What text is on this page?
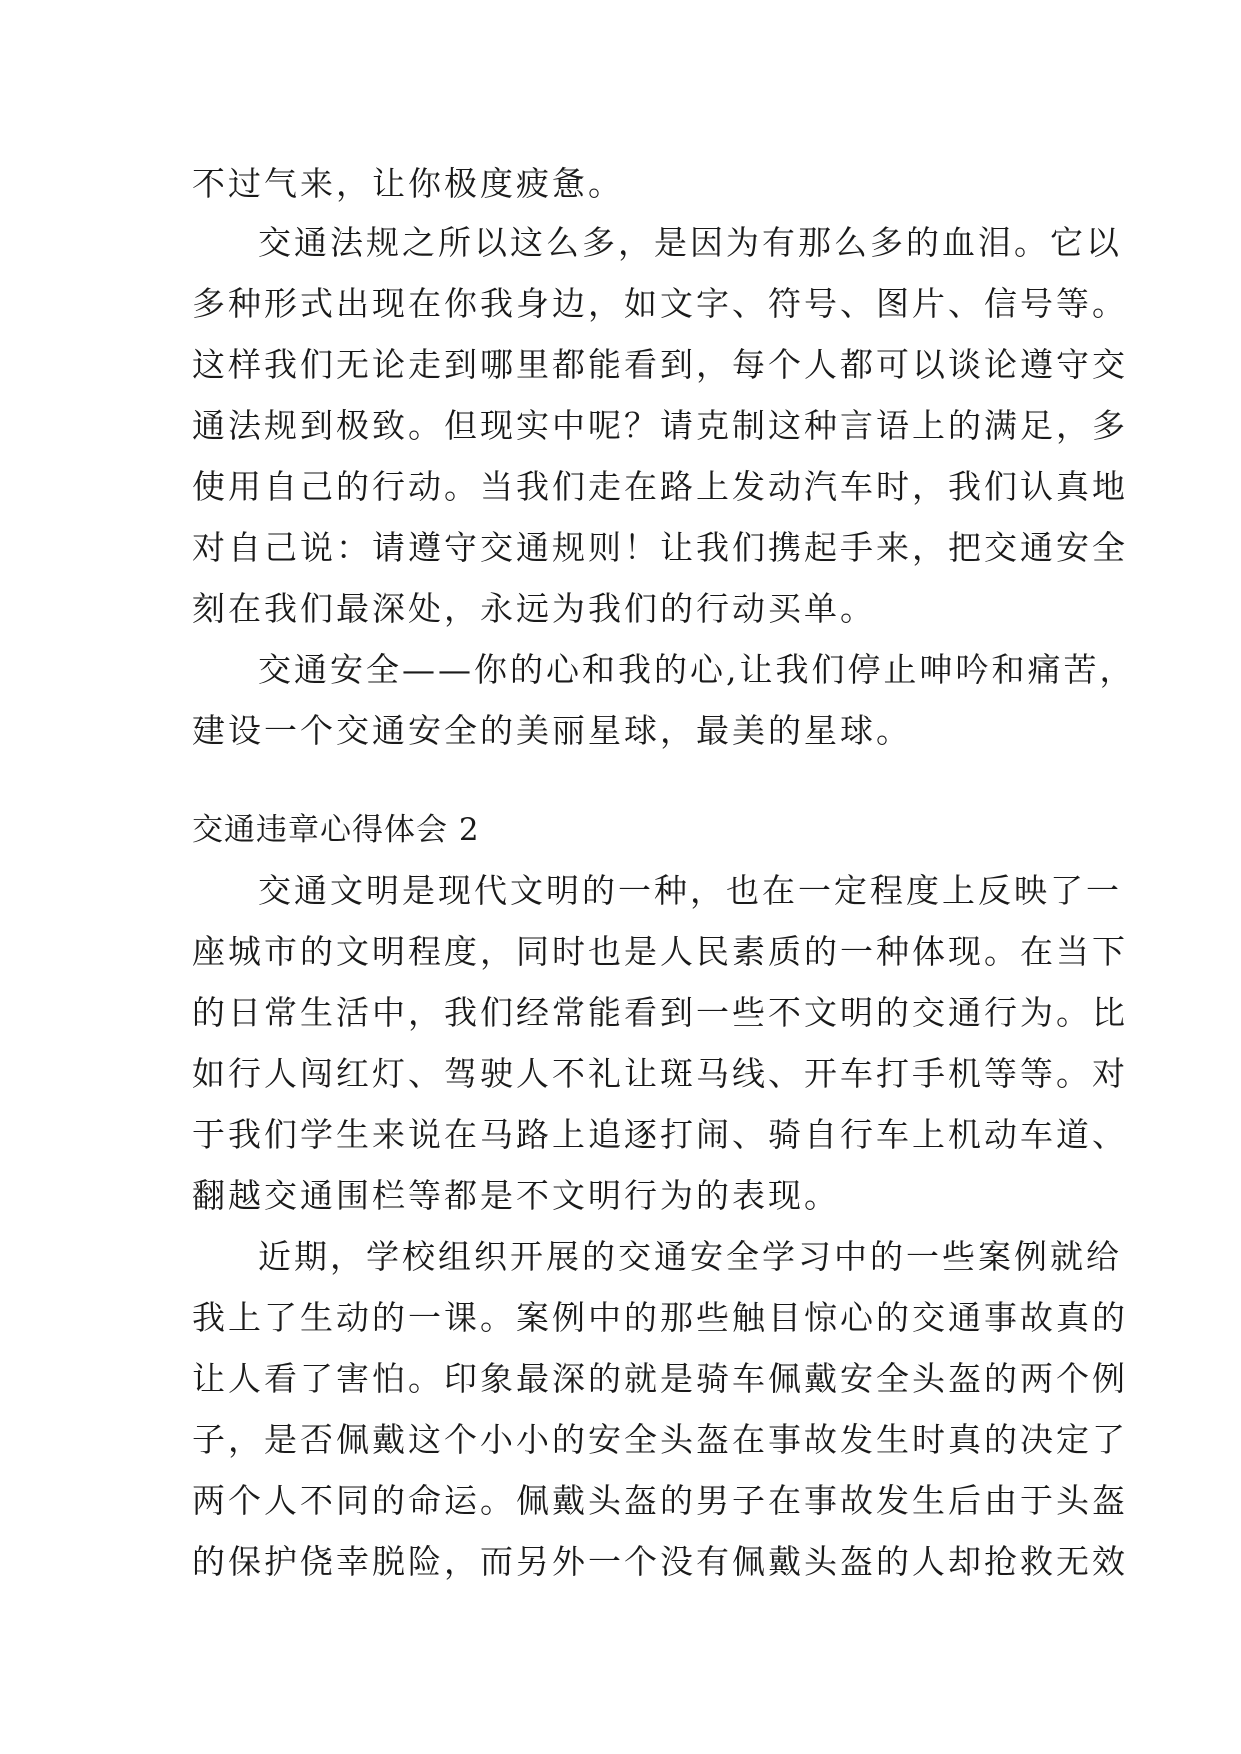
不过气来，让你极度疲惫。
交通法规之所以这么多，是因为有那么多的血泪。它以
多种形式出现在你我身边，如文字、符号、图片、信号等。
这样我们无论走到哪里都能看到，每个人都可以谈论遵守交
通法规到极致。但现实中呢？请克制这种言语上的满足，多
使用自己的行动。当我们走在路上发动汽车时，我们认真地
对自己说：请遵守交通规则！让我们携起手来，把交通安全
刻在我们最深处，永远为我们的行动买单。
交通安全——你的心和我的心,让我们停止呻吟和痛苦，
建设一个交通安全的美丽星球，最美的星球。
交通违章心得体会 2
交通文明是现代文明的一种，也在一定程度上反映了一
座城市的文明程度，同时也是人民素质的一种体现。在当下
的日常生活中，我们经常能看到一些不文明的交通行为。比
如行人闯红灯、驾驶人不礼让斑马线、开车打手机等等。对
于我们学生来说在马路上追逐打闹、骑自行车上机动车道、
翻越交通围栏等都是不文明行为的表现。
近期，学校组织开展的交通安全学习中的一些案例就给
我上了生动的一课。案例中的那些触目惊心的交通事故真的
让人看了害怕。印象最深的就是骑车佩戴安全头盔的两个例
子，是否佩戴这个小小的安全头盔在事故发生时真的决定了
两个人不同的命运。佩戴头盔的男子在事故发生后由于头盔
的保护侥幸脱险，而另外一个没有佩戴头盔的人却抢救无效
